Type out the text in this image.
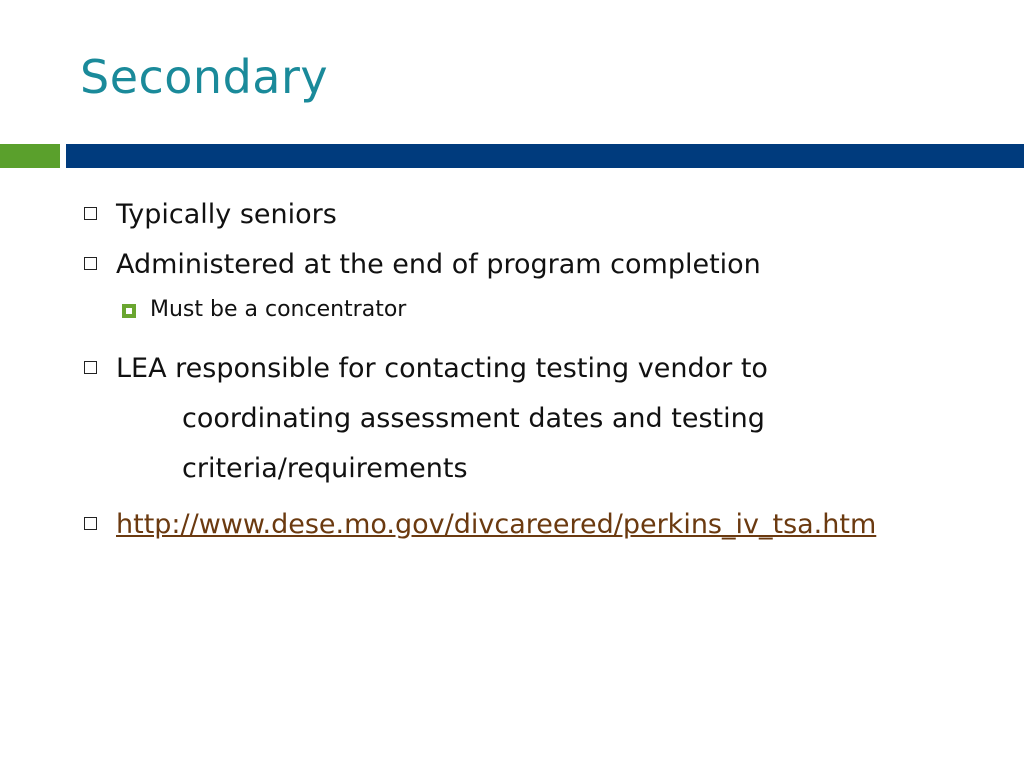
Secondary
Typically seniors
Administered at the end of program completion
Must be a concentrator
LEA responsible for contacting testing vendor to
coordinating assessment dates and testing
criteria/requirements
http://www.dese.mo.gov/divcareered/perkins_iv_tsa.htm
